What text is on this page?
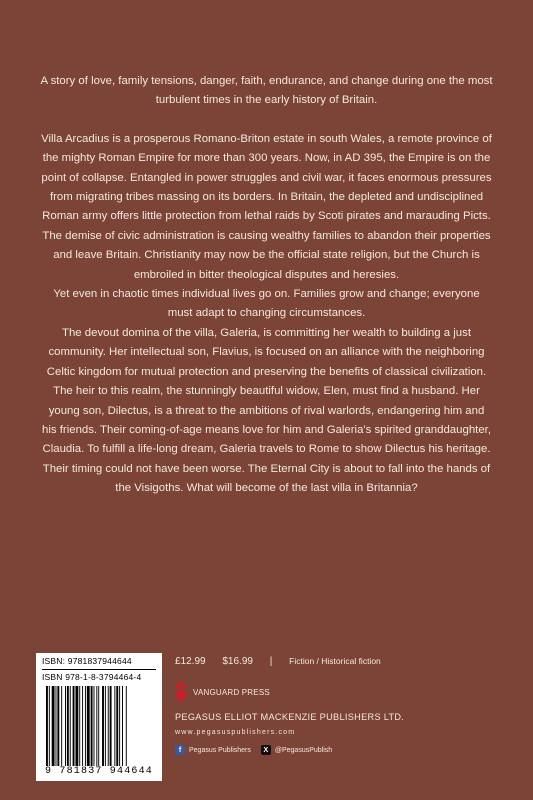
A story of love, family tensions, danger, faith, endurance, and change during one the most turbulent times in the early history of Britain.

Villa Arcadius is a prosperous Romano-Briton estate in south Wales, a remote province of the mighty Roman Empire for more than 300 years. Now, in AD 395, the Empire is on the point of collapse. Entangled in power struggles and civil war, it faces enormous pressures from migrating tribes massing on its borders. In Britain, the depleted and undisciplined Roman army offers little protection from lethal raids by Scoti pirates and marauding Picts. The demise of civic administration is causing wealthy families to abandon their properties and leave Britain. Christianity may now be the official state religion, but the Church is embroiled in bitter theological disputes and heresies.

Yet even in chaotic times individual lives go on. Families grow and change; everyone must adapt to changing circumstances.

The devout domina of the villa, Galeria, is committing her wealth to building a just community. Her intellectual son, Flavius, is focused on an alliance with the neighboring Celtic kingdom for mutual protection and preserving the benefits of classical civilization. The heir to this realm, the stunningly beautiful widow, Elen, must find a husband. Her young son, Dilectus, is a threat to the ambitions of rival warlords, endangering him and his friends. Their coming-of-age means love for him and Galeria's spirited granddaughter, Claudia. To fulfill a life-long dream, Galeria travels to Rome to show Dilectus his heritage.

Their timing could not have been worse. The Eternal City is about to fall into the hands of the Visigoths. What will become of the last villa in Britannia?

ISBN: 9781837944644
ISBN 978-1-8-3794464-4
9 781837 944644
£12.99 $16.99 | Fiction / Historical fiction
VANGUARD PRESS
PEGASUS ELLIOT MACKENZIE PUBLISHERS LTD.
www.pegasuspublishers.com
f	Pegasus Publishers	X @PegasusPublish
